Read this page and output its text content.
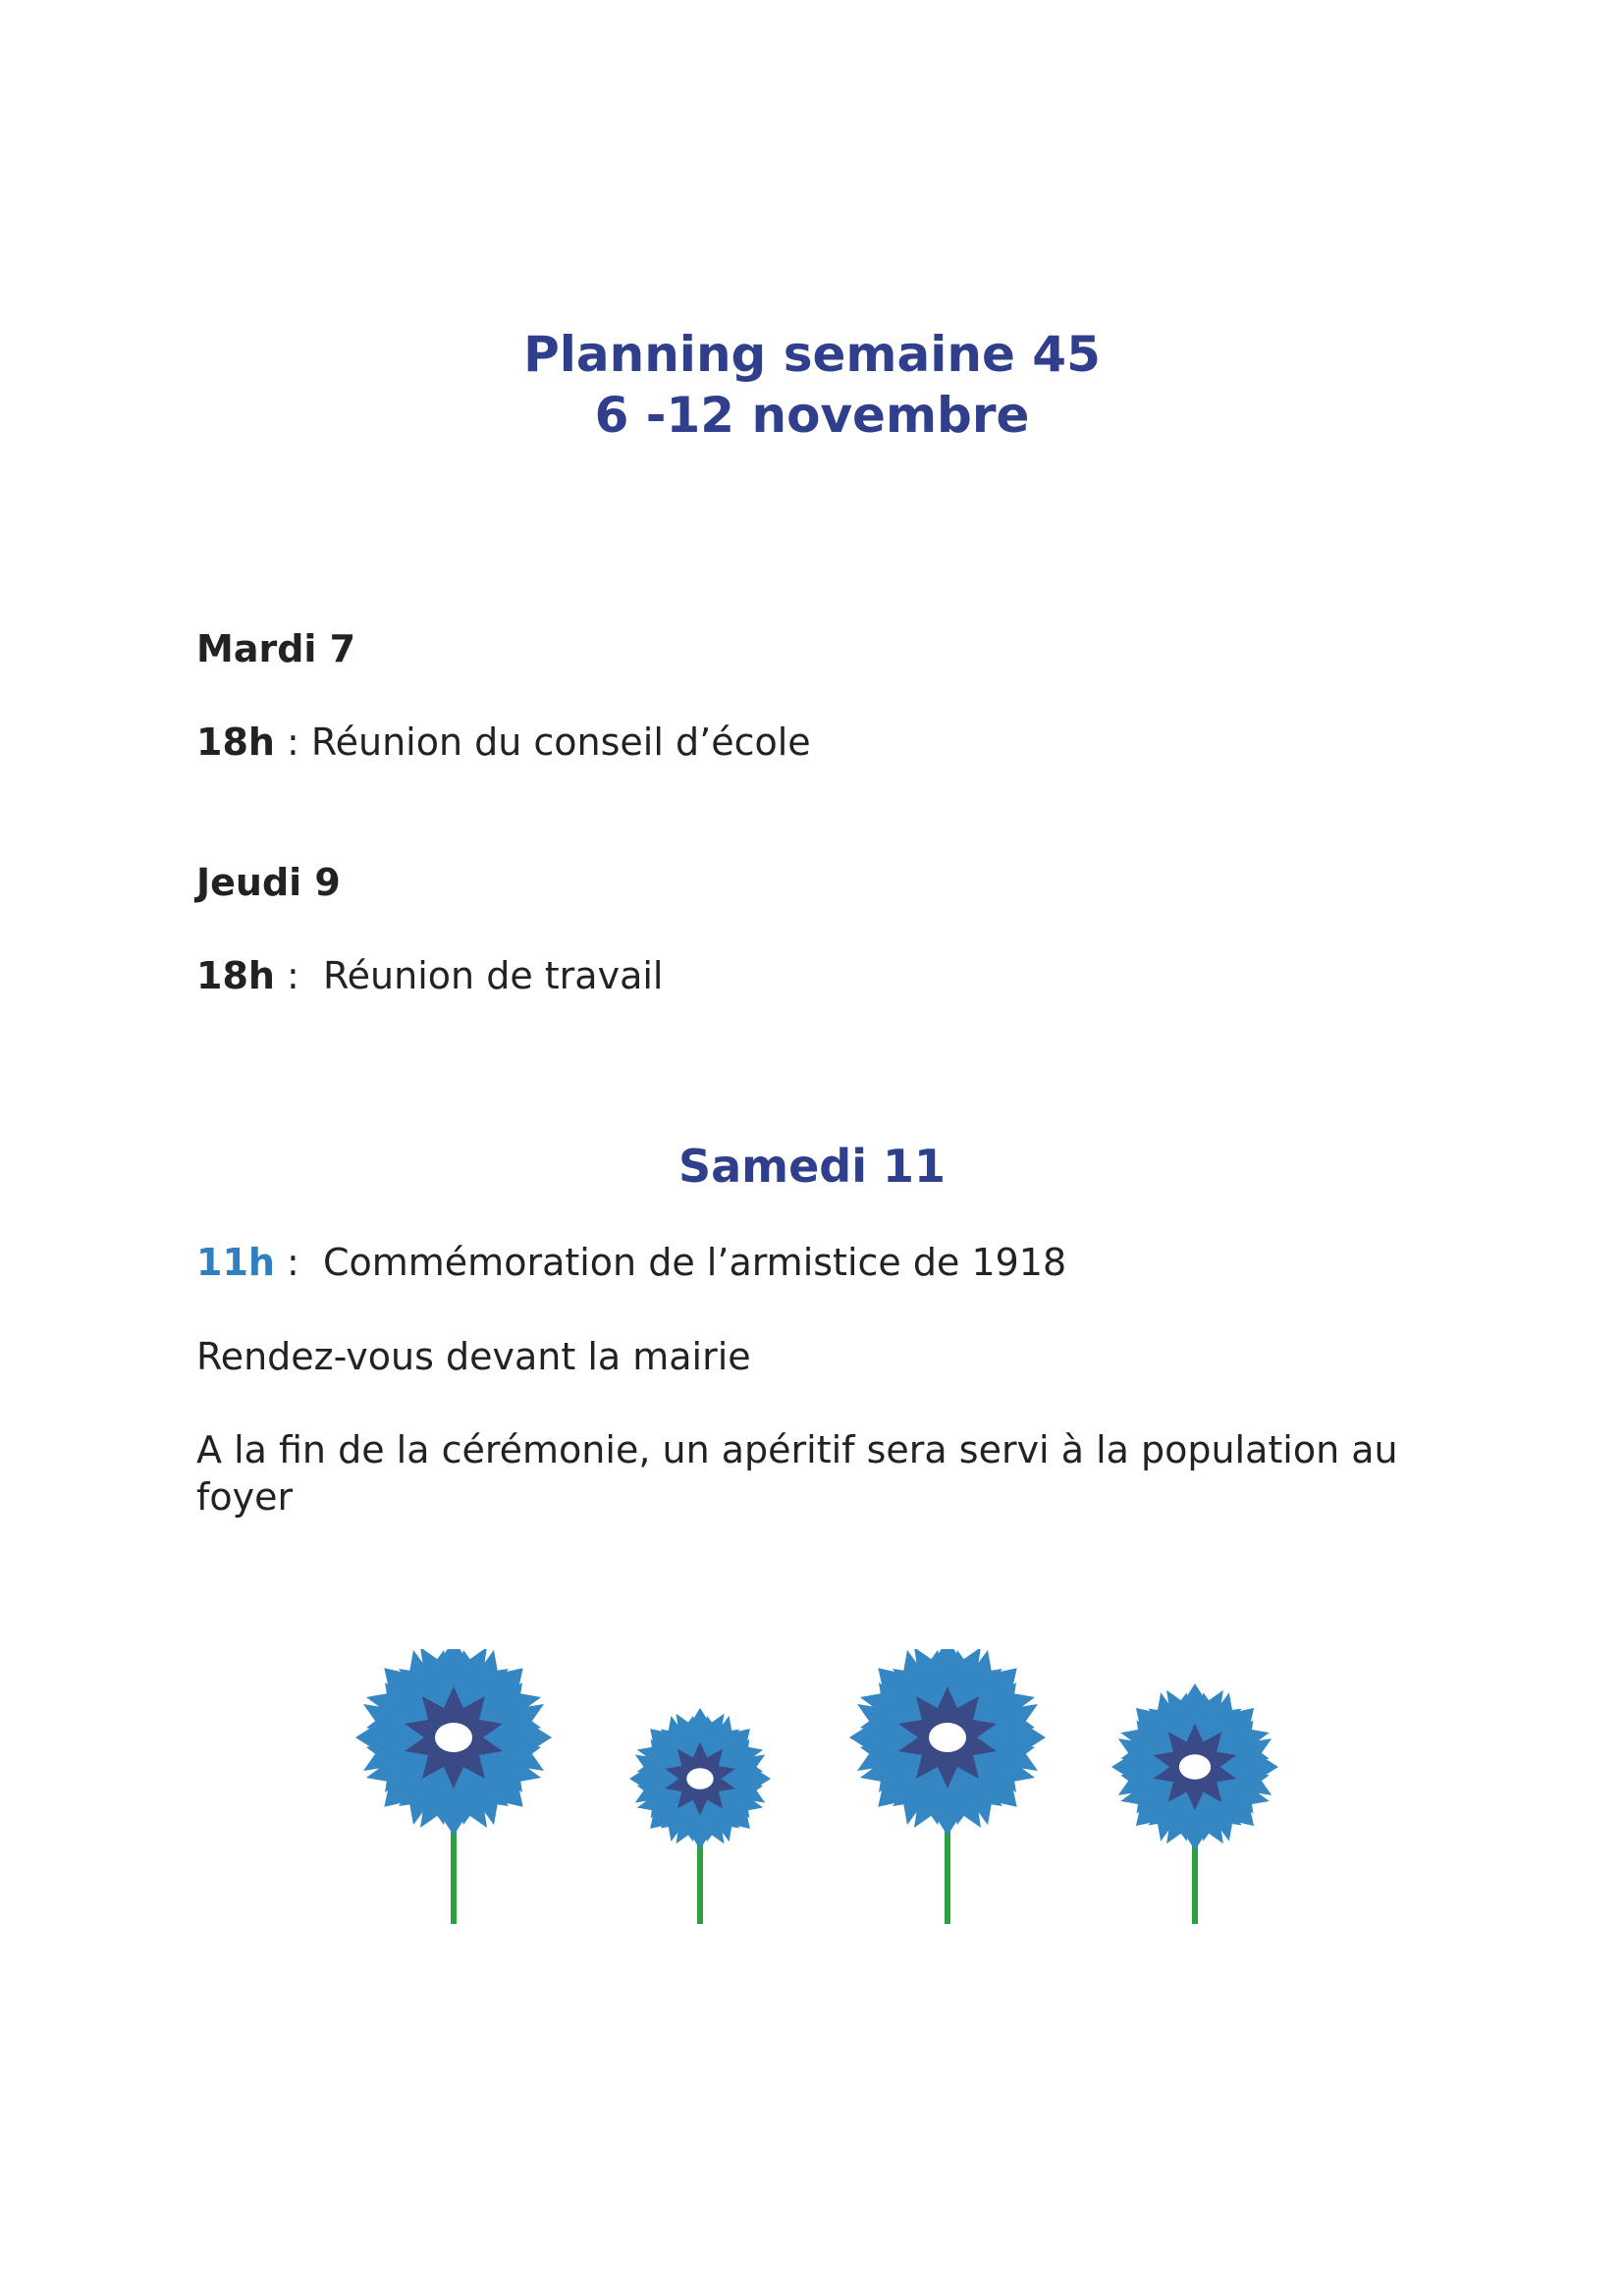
Planning semaine 45
6 -12 novembre
Mardi 7
18h : Réunion du conseil d’école
Jeudi 9
18h :  Réunion de travail
Samedi 11
11h :  Commémoration de l’armistice de 1918
Rendez-vous devant la mairie
A la fin de la cérémonie, un apéritif sera servi à la population au foyer
